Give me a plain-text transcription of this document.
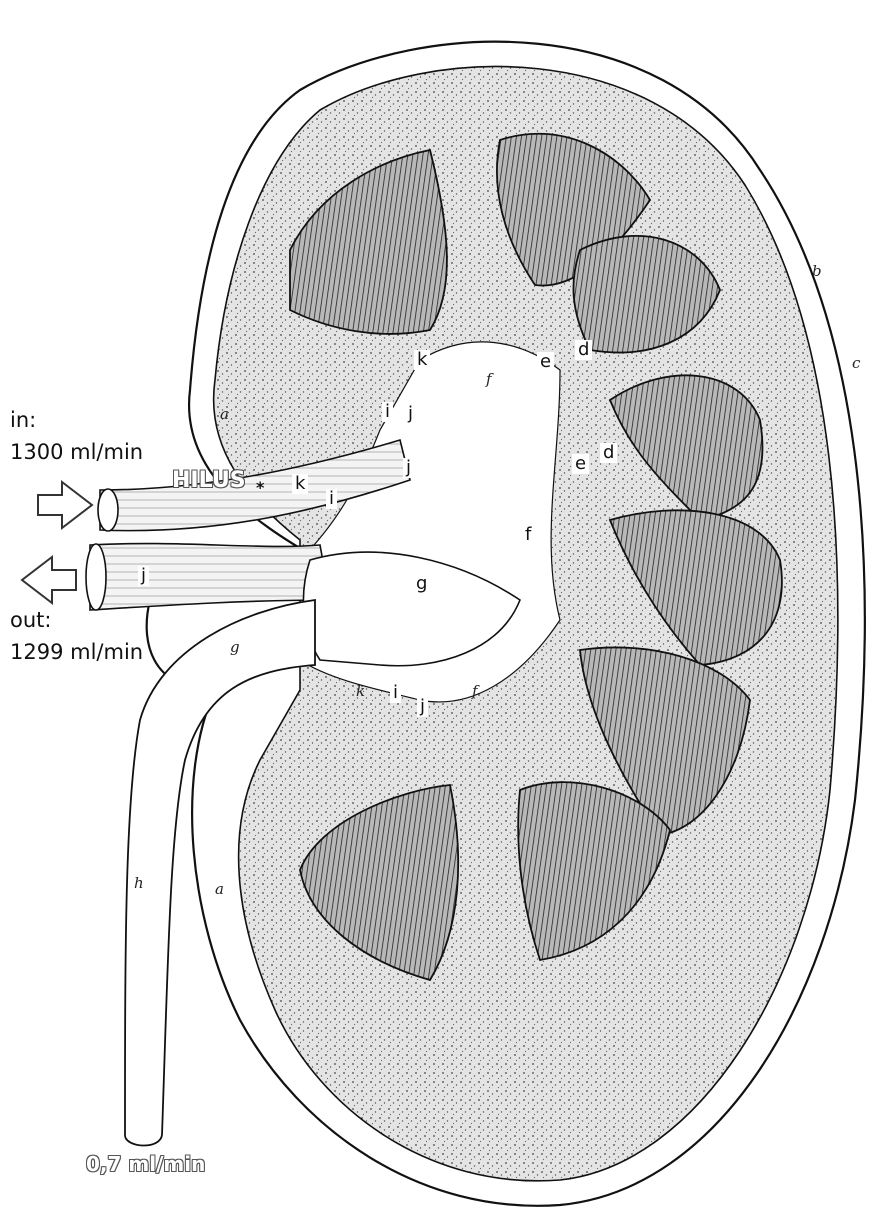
in:
1300 ml/min
out:
1299 ml/min
HILUS *
0,7 ml/min
a
a
b
c
g
f
f
k
d
d
e
e
f
g
h
i
i
i
j
j
j
j
k
k
